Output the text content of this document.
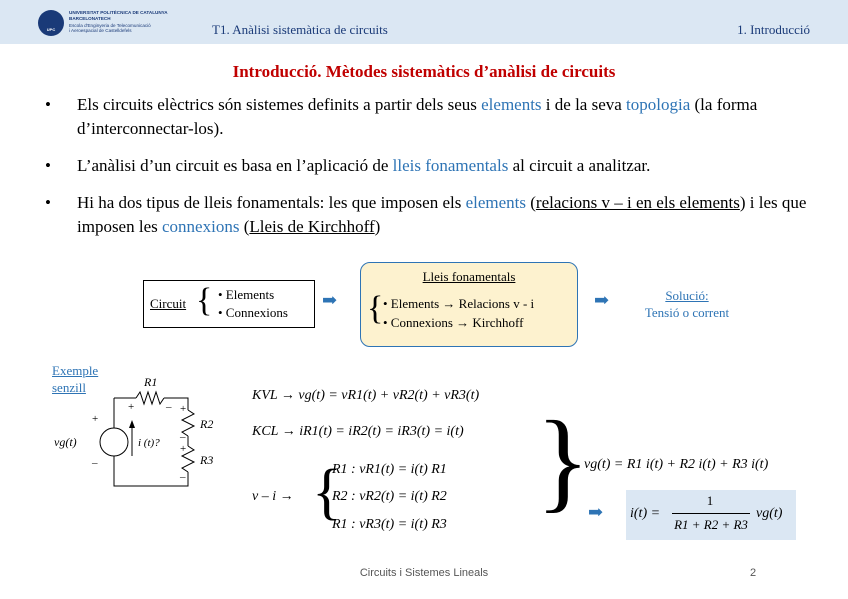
UPC
UNIVERSITAT POLITÈCNICA DE CATALUNYA
BARCELONATECH
Escola d'Enginyeria de Telecomunicació
i Aeroespacial de Castelldefels	T1. Anàlisi sistemàtica de circuits	1. Introducció
Introducció. Mètodes sistemàtics d’anàlisi de circuits
• Els circuits elèctrics són sistemes definits a partir dels seus elements i de la seva topologia (la forma d’interconnectar-los).
• L’anàlisi d’un circuit es basa en l’aplicació de lleis fonamentals al circuit a analitzar.
• Hi ha dos tipus de lleis fonamentals: les que imposen els elements (relacions v – i en els elements) i les que imposen les connexions (Lleis de Kirchhoff)
Circuit { • Elements
• Connexions
➡
Lleis fonamentals
{ • Elements → Relacions v - i
• Connexions → Kirchhoff
➡	Solució:
Tensió o corrent
Exemple
senzill	R1
R2
R3
vg(t)	i (t)?
+
–
+	– +
–
+
–
KVL → vg(t) = vR1(t) + vR2(t) + vR3(t)
KCL → iR1(t) = iR2(t) = iR3(t) = i(t)
v – i → {
R1 : vR1(t) = i(t) R1
R2 : vR2(t) = i(t) R2
R1 : vR3(t) = i(t) R3
}
vg(t) = R1 i(t) + R2 i(t) + R3 i(t)
➡ i(t) =
1
R1 + R2 + R3
vg(t)
Circuits i Sistemes Lineals	2
